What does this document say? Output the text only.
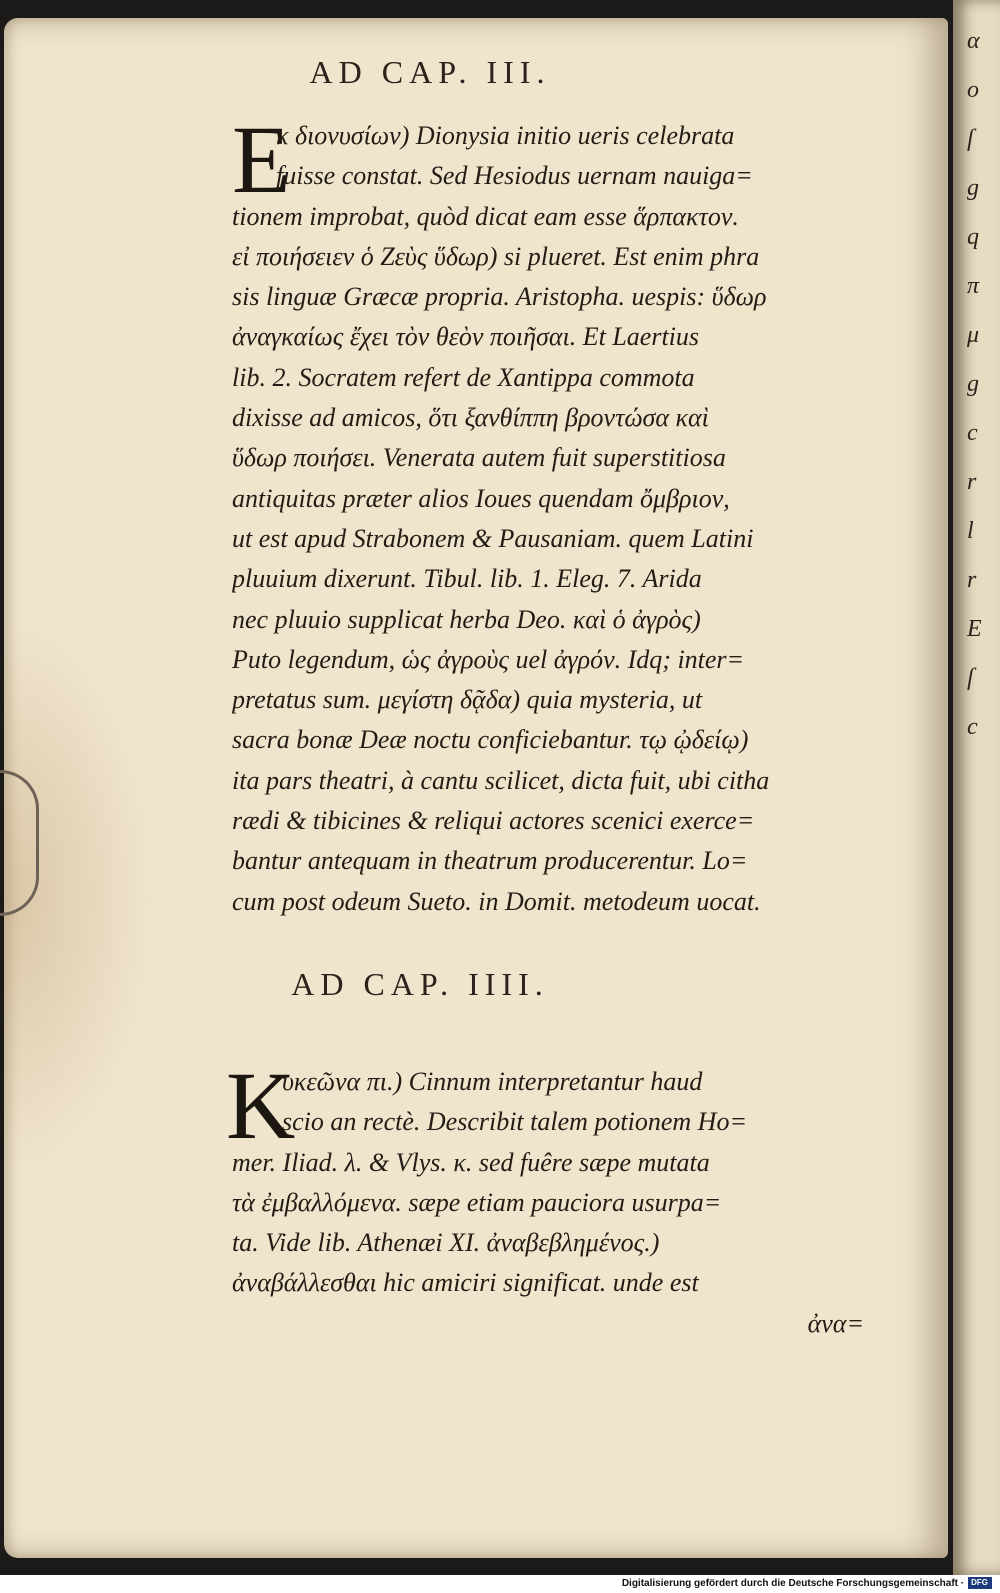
AD CAP. III.
E
κ διονυσίων) Dionysia initio ueris celebrata
fuisse constat. Sed Hesiodus uernam nauiga=
tionem improbat, quòd dicat eam esse ἅρπακτον.
εἰ ποιήσειεν ὁ Ζεὺς ὕδωρ) si plueret. Est enim phra
sis linguæ Græcæ propria. Aristopha. uespis: ὕδωρ
ἀναγκαίως ἔχει τὸν θεὸν ποιῆσαι. Et Laertius
lib. 2. Socratem refert de Xantippa commota
dixisse ad amicos, ὅτι ξανθίππη βροντώσα καὶ
ὕδωρ ποιήσει. Venerata autem fuit superstitiosa
antiquitas præter alios Ioues quendam ὄμβριον,
ut est apud Strabonem & Pausaniam. quem Latini
pluuium dixerunt. Tibul. lib. 1. Eleg. 7. Arida
nec pluuio supplicat herba Deo. καὶ ὁ ἀγρὸς)
Puto legendum, ὡς ἀγροὺς uel ἀγρόν. Idq; inter=
pretatus sum. μεγίστη δᾷδα) quia mysteria, ut
sacra bonæ Deæ noctu conficiebantur. τῳ ᾠδείῳ)
ita pars theatri, à cantu scilicet, dicta fuit, ubi citha
rædi & tibicines & reliqui actores scenici exerce=
bantur antequam in theatrum producerentur. Lo=
cum post odeum Sueto. in Domit. metodeum uocat.
AD CAP. IIII.
K
υκεῶνα πι.) Cinnum interpretantur haud
scio an rectè. Describit talem potionem Ho=
mer. Iliad. λ. & Vlys. κ. sed fuêre sæpe mutata
τὰ ἐμβαλλόμενα. sæpe etiam pauciora usurpa=
ta. Vide lib. Athenæi XI. ἀναβεβλημένος.)
ἀναβάλλεσθαι hic amiciri significat. unde est
ἀνα=
α
ο
ſ
g
q
π
μ
g
c
r
l
r
E
ſ
c
Digitalisierung gefördert durch die Deutsche Forschungsgemeinschaft · DFG
